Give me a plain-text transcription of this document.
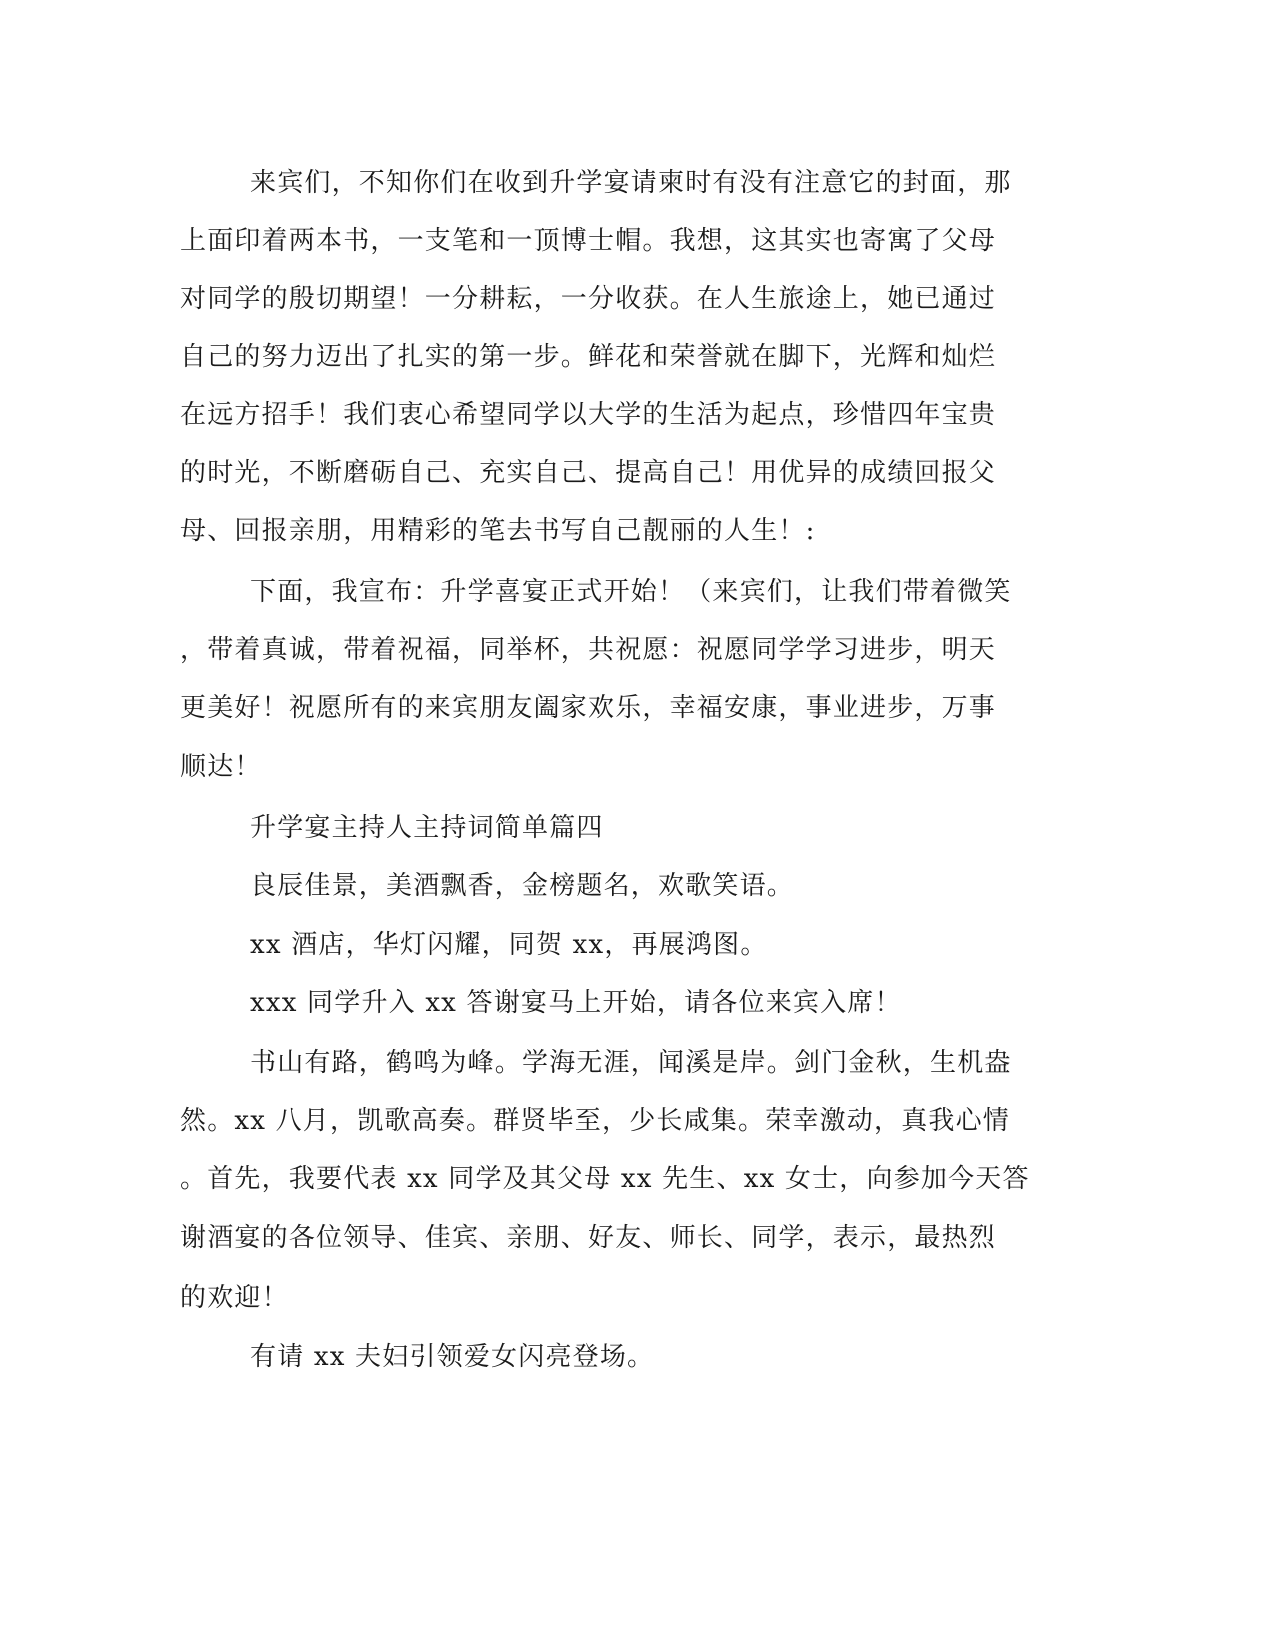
来宾们，不知你们在收到升学宴请柬时有没有注意它的封面，那
上面印着两本书，一支笔和一顶博士帽。我想，这其实也寄寓了父母
对同学的殷切期望！一分耕耘，一分收获。在人生旅途上，她已通过
自己的努力迈出了扎实的第一步。鲜花和荣誉就在脚下，光辉和灿烂
在远方招手！我们衷心希望同学以大学的生活为起点，珍惜四年宝贵
的时光，不断磨砺自己、充实自己、提高自己！用优异的成绩回报父
母、回报亲朋，用精彩的笔去书写自己靓丽的人生！:
下面，我宣布：升学喜宴正式开始！（来宾们，让我们带着微笑
，带着真诚，带着祝福，同举杯，共祝愿：祝愿同学学习进步，明天
更美好！祝愿所有的来宾朋友阖家欢乐，幸福安康，事业进步，万事
顺达！
升学宴主持人主持词简单篇四
良辰佳景，美酒飘香，金榜题名，欢歌笑语。
xx 酒店，华灯闪耀，同贺 xx，再展鸿图。
xxx 同学升入 xx 答谢宴马上开始，请各位来宾入席！
书山有路，鹤鸣为峰。学海无涯，闻溪是岸。剑门金秋，生机盎
然。xx 八月，凯歌高奏。群贤毕至，少长咸集。荣幸激动，真我心情
。首先，我要代表 xx 同学及其父母 xx 先生、xx 女士，向参加今天答
谢酒宴的各位领导、佳宾、亲朋、好友、师长、同学，表示，最热烈
的欢迎！
有请 xx 夫妇引领爱女闪亮登场。
